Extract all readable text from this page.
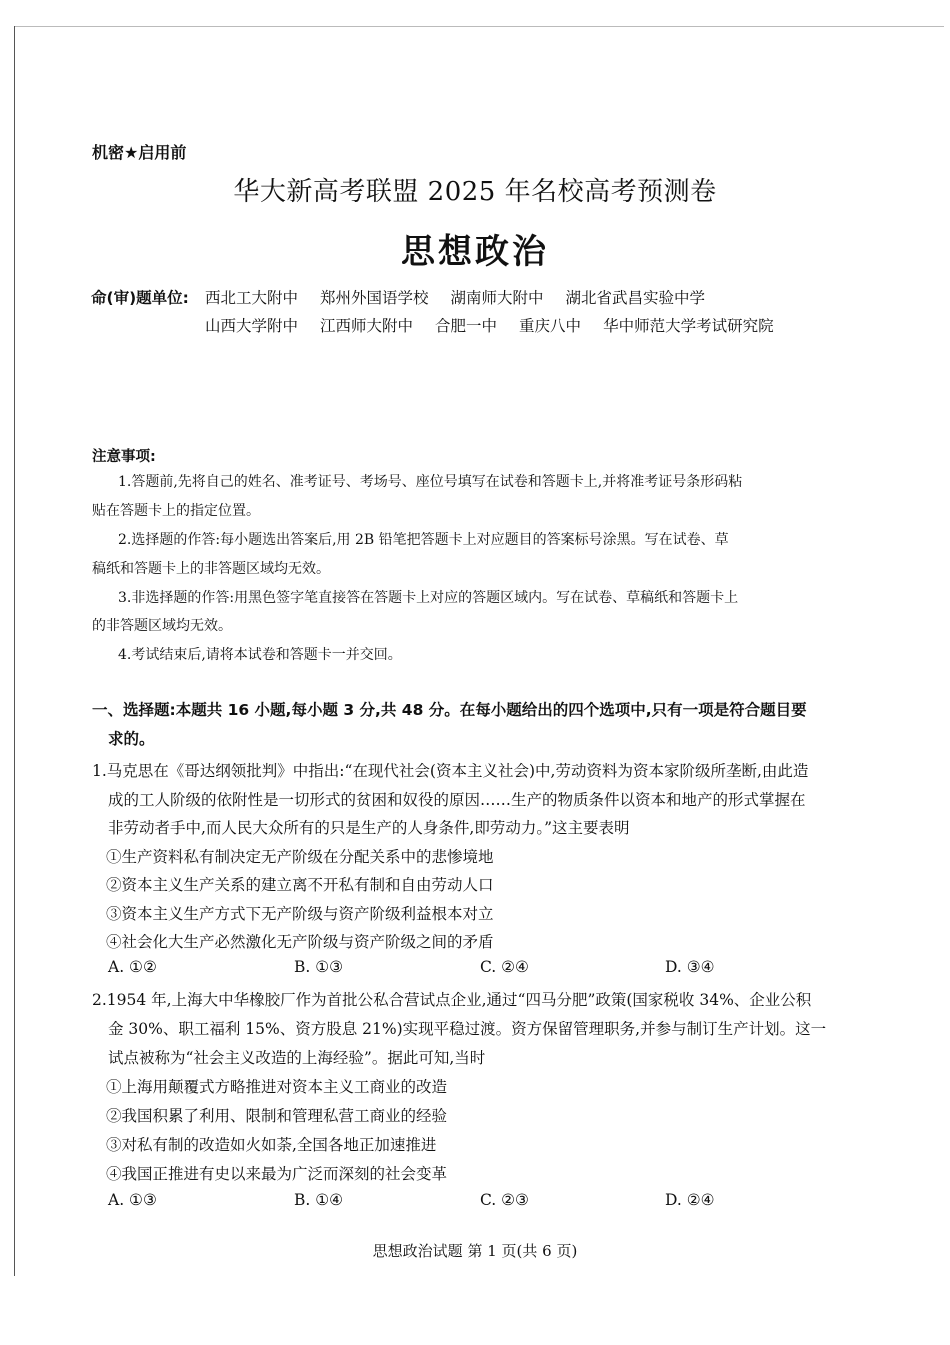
机密★启用前
华大新高考联盟 2025 年名校高考预测卷
思想政治
命(审)题单位: 西北工大附中 郑州外国语学校 湖南师大附中 湖北省武昌实验中学
山西大学附中 江西师大附中 合肥一中 重庆八中 华中师范大学考试研究院
注意事项:
1.答题前,先将自己的姓名、准考证号、考场号、座位号填写在试卷和答题卡上,并将准考证号条形码粘
贴在答题卡上的指定位置。
2.选择题的作答:每小题选出答案后,用 2B 铅笔把答题卡上对应题目的答案标号涂黑。写在试卷、草
稿纸和答题卡上的非答题区域均无效。
3.非选择题的作答:用黑色签字笔直接答在答题卡上对应的答题区域内。写在试卷、草稿纸和答题卡上
的非答题区域均无效。
4.考试结束后,请将本试卷和答题卡一并交回。
一、选择题:本题共 16 小题,每小题 3 分,共 48 分。在每小题给出的四个选项中,只有一项是符合题目要
求的。
1.马克思在《哥达纲领批判》中指出:“在现代社会(资本主义社会)中,劳动资料为资本家阶级所垄断,由此造
成的工人阶级的依附性是一切形式的贫困和奴役的原因……生产的物质条件以资本和地产的形式掌握在
非劳动者手中,而人民大众所有的只是生产的人身条件,即劳动力。”这主要表明
①生产资料私有制决定无产阶级在分配关系中的悲惨境地
②资本主义生产关系的建立离不开私有制和自由劳动人口
③资本主义生产方式下无产阶级与资产阶级利益根本对立
④社会化大生产必然激化无产阶级与资产阶级之间的矛盾
A. ①②	B. ①③	C. ②④	D. ③④
2.1954 年,上海大中华橡胶厂作为首批公私合营试点企业,通过“四马分肥”政策(国家税收 34%、企业公积
金 30%、职工福利 15%、资方股息 21%)实现平稳过渡。资方保留管理职务,并参与制订生产计划。这一
试点被称为“社会主义改造的上海经验”。据此可知,当时
①上海用颠覆式方略推进对资本主义工商业的改造
②我国积累了利用、限制和管理私营工商业的经验
③对私有制的改造如火如荼,全国各地正加速推进
④我国正推进有史以来最为广泛而深刻的社会变革
A. ①③	B. ①④	C. ②③	D. ②④
思想政治试题 第 1 页(共 6 页)
